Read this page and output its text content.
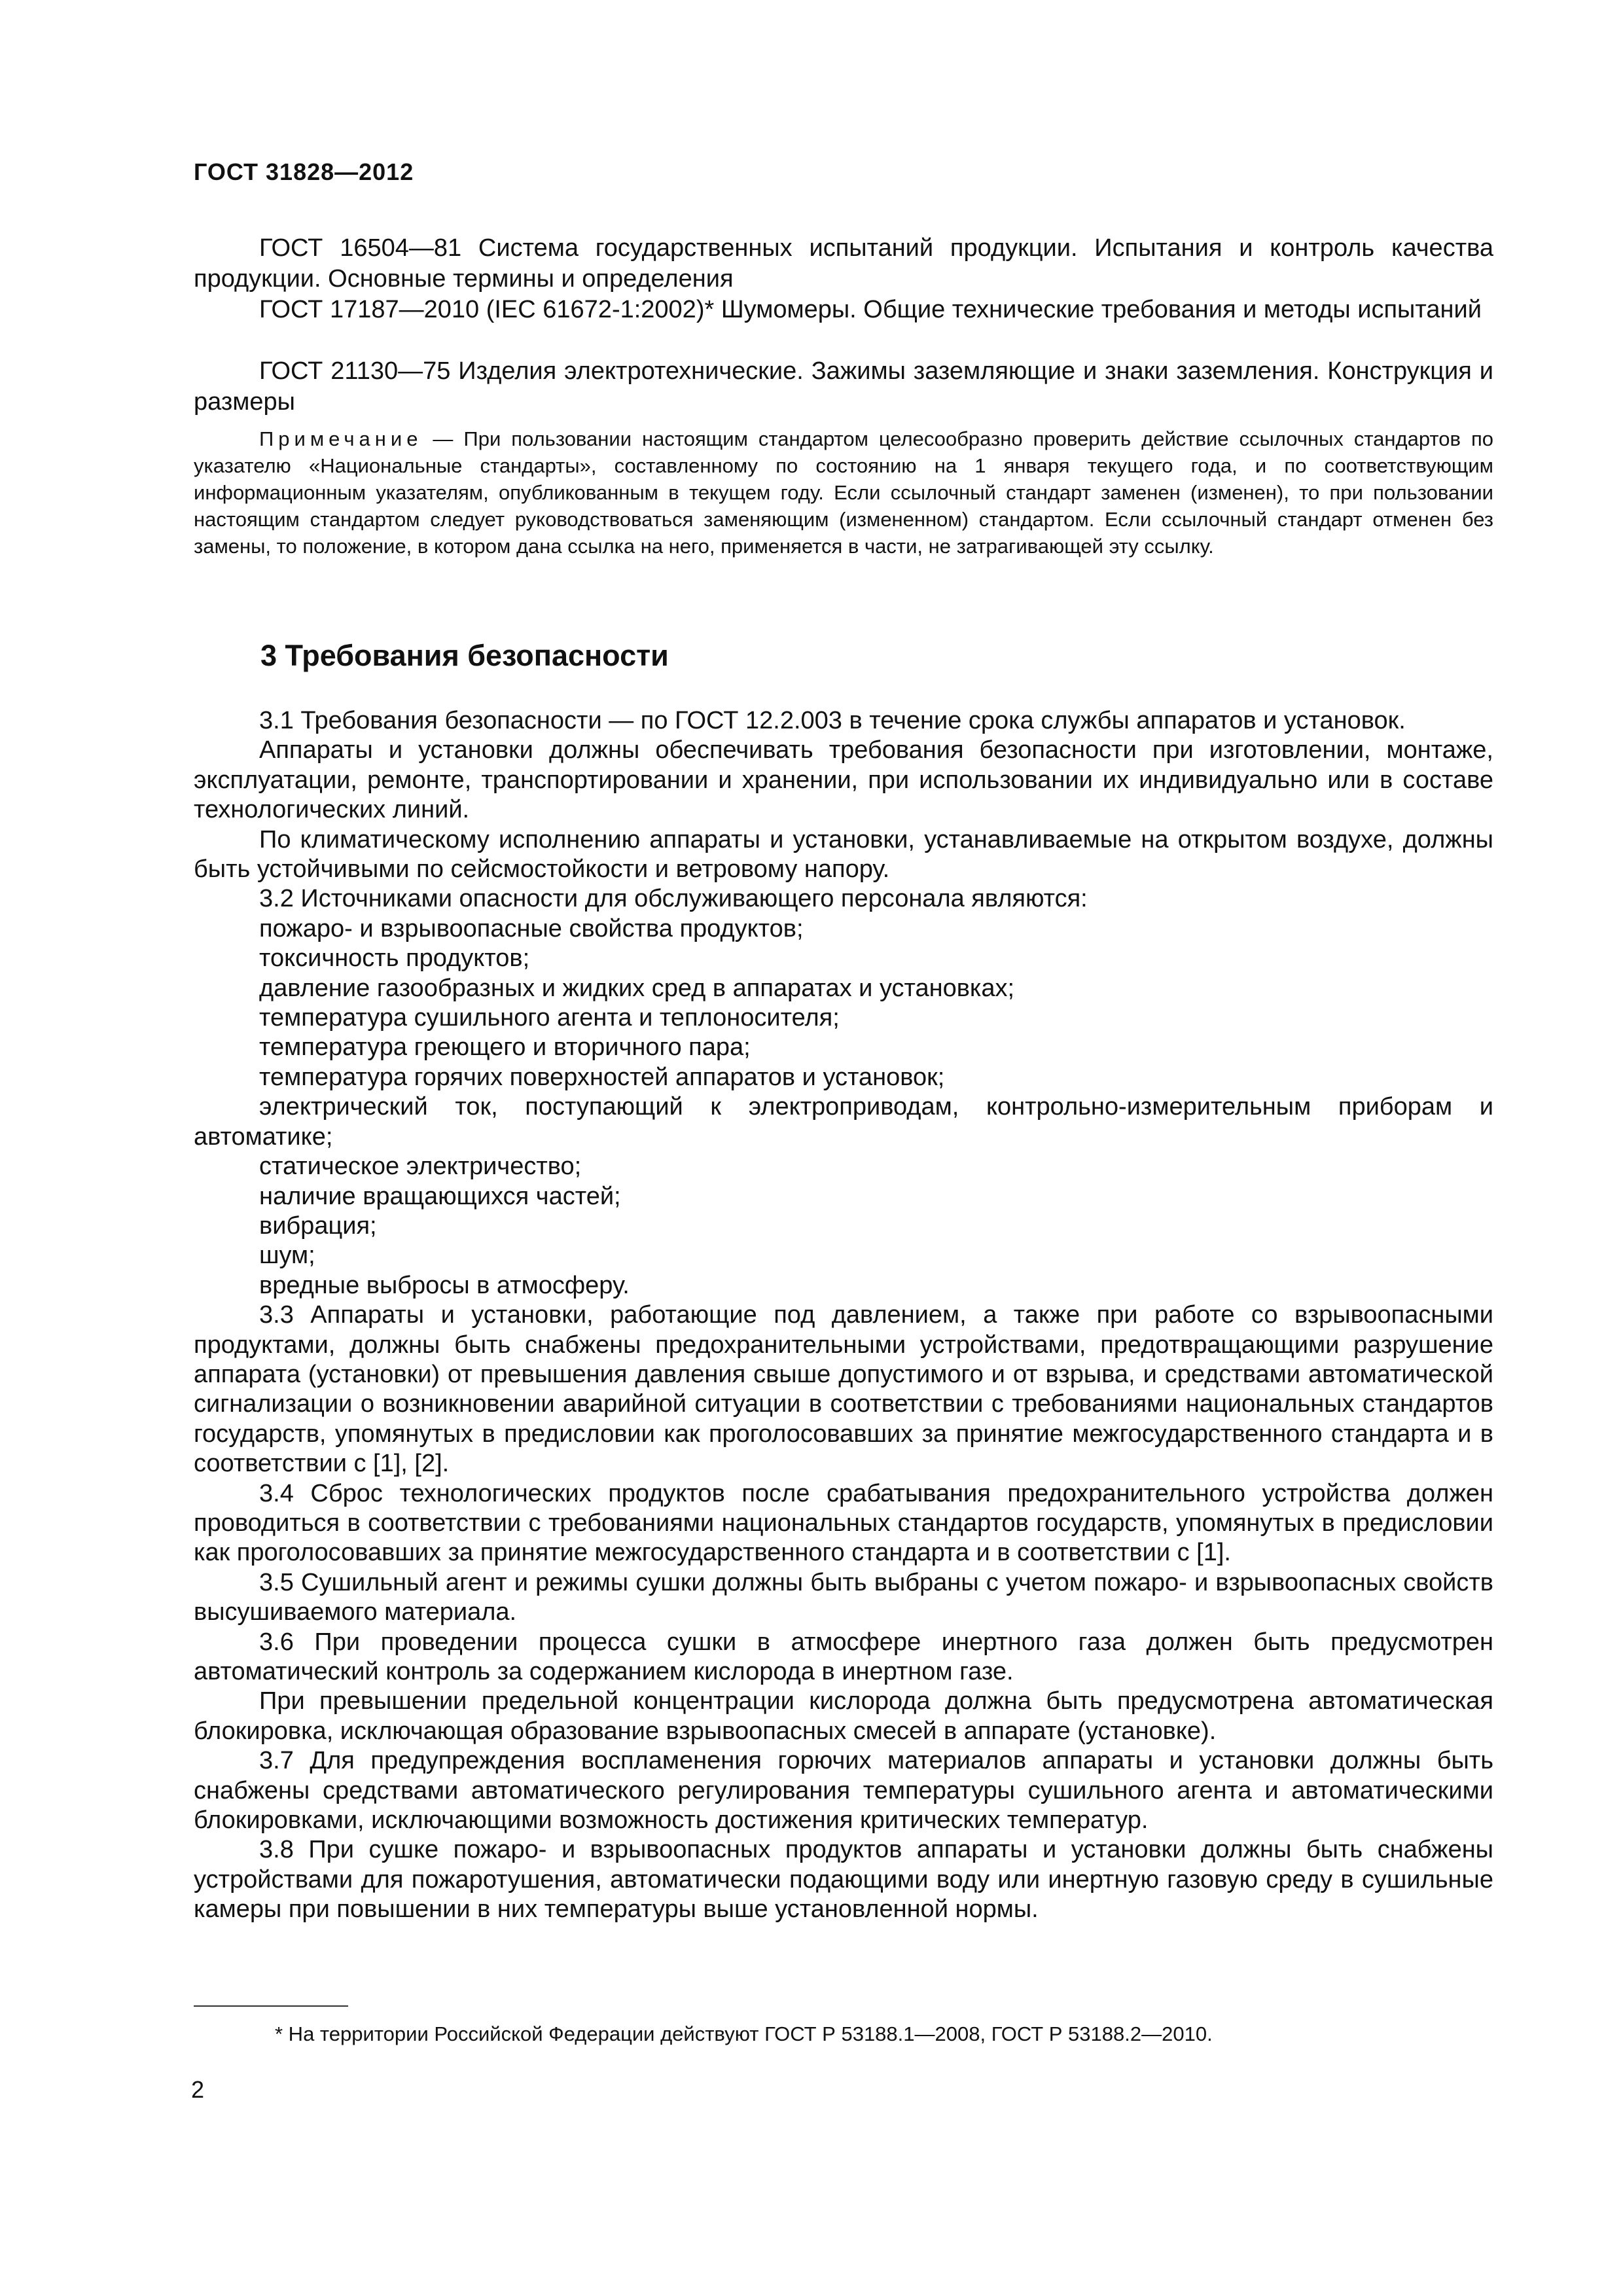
ГОСТ 31828—2012
ГОСТ 16504—81 Система государственных испытаний продукции. Испытания и контроль качества продукции. Основные термины и определения
ГОСТ 17187—2010 (IEC 61672-1:2002)* Шумомеры. Общие технические требования и методы испытаний
ГОСТ 21130—75 Изделия электротехнические. Зажимы заземляющие и знаки заземления. Конструкция и размеры
Примечание — При пользовании настоящим стандартом целесообразно проверить действие ссылочных стандартов по указателю «Национальные стандарты», составленному по состоянию на 1 января текущего года, и по соответствующим информационным указателям, опубликованным в текущем году. Если ссылочный стандарт заменен (изменен), то при пользовании настоящим стандартом следует руководствоваться заменяющим (измененном) стандартом. Если ссылочный стандарт отменен без замены, то положение, в котором дана ссылка на него, применяется в части, не затрагивающей эту ссылку.
3 Требования безопасности

3.1 Требования безопасности — по ГОСТ 12.2.003 в течение срока службы аппаратов и установок.

Аппараты и установки должны обеспечивать требования безопасности при изготовлении, монтаже, эксплуатации, ремонте, транспортировании и хранении, при использовании их индивидуально или в составе технологических линий.

По климатическому исполнению аппараты и установки, устанавливаемые на открытом воздухе, должны быть устойчивыми по сейсмостойкости и ветровому напору.

3.2 Источниками опасности для обслуживающего персонала являются:

пожаро- и взрывоопасные свойства продуктов;

токсичность продуктов;

давление газообразных и жидких сред в аппаратах и установках;

температура сушильного агента и теплоносителя;

температура греющего и вторичного пара;

температура горячих поверхностей аппаратов и установок;

электрический ток, поступающий к электроприводам, контрольно-измерительным приборам и автоматике;

статическое электричество;

наличие вращающихся частей;

вибрация;

шум;

вредные выбросы в атмосферу.

3.3 Аппараты и установки, работающие под давлением, а также при работе со взрывоопасными продуктами, должны быть снабжены предохранительными устройствами, предотвращающими разрушение аппарата (установки) от превышения давления свыше допустимого и от взрыва, и средствами автоматической сигнализации о возникновении аварийной ситуации в соответствии с требованиями национальных стандартов государств, упомянутых в предисловии как проголосовавших за принятие межгосударственного стандарта и в соответствии с [1], [2].

3.4 Сброс технологических продуктов после срабатывания предохранительного устройства должен проводиться в соответствии с требованиями национальных стандартов государств, упомянутых в предисловии как проголосовавших за принятие межгосударственного стандарта и в соответствии с [1].

3.5 Сушильный агент и режимы сушки должны быть выбраны с учетом пожаро- и взрывоопасных свойств высушиваемого материала.

3.6 При проведении процесса сушки в атмосфере инертного газа должен быть предусмотрен автоматический контроль за содержанием кислорода в инертном газе.

При превышении предельной концентрации кислорода должна быть предусмотрена автоматическая блокировка, исключающая образование взрывоопасных смесей в аппарате (установке).

3.7 Для предупреждения воспламенения горючих материалов аппараты и установки должны быть снабжены средствами автоматического регулирования температуры сушильного агента и автоматическими блокировками, исключающими возможность достижения критических температур.

3.8 При сушке пожаро- и взрывоопасных продуктов аппараты и установки должны быть снабжены устройствами для пожаротушения, автоматически подающими воду или инертную газовую среду в сушильные камеры при повышении в них температуры выше установленной нормы.

* На территории Российской Федерации действуют ГОСТ Р 53188.1—2008, ГОСТ Р 53188.2—2010.
2
